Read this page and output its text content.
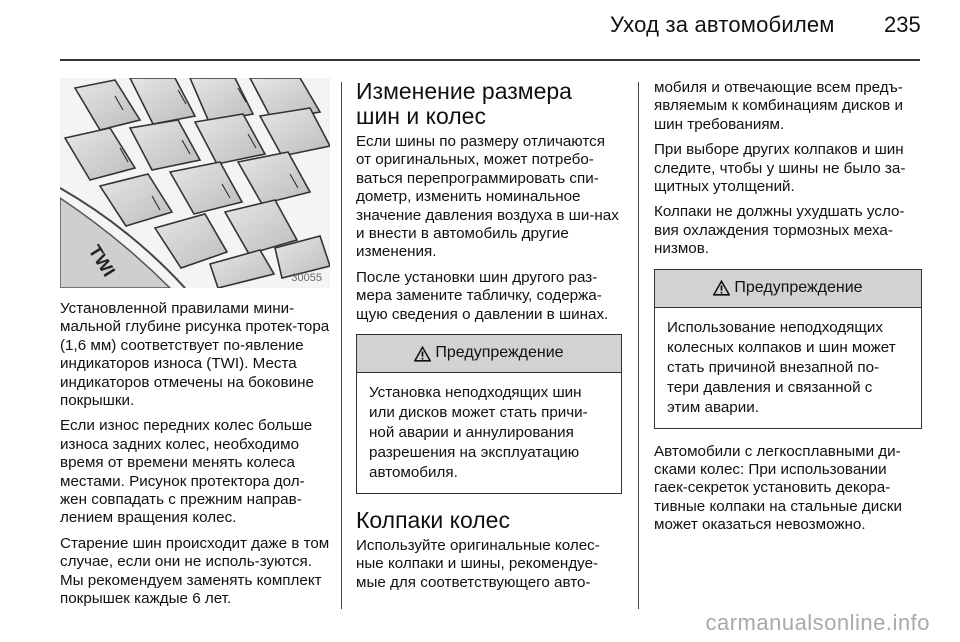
Уход за автомобилем 235
TWI	30055

Установленной правилами мини-мальной глубине рисунка протек-тора (1,6 мм) соответствует по-явление индикаторов износа (TWI). Места индикаторов отмечены на боковине покрышки.

Если износ передних колес больше износа задних колес, необходимо время от времени менять колеса местами. Рисунок протектора дол-жен совпадать с прежним направ-лением вращения колес.

Старение шин происходит даже в том случае, если они не исполь-зуются. Мы рекомендуем заменять комплект покрышек каждые 6 лет.

Изменение размера шин и колес

Если шины по размеру отличаются от оригинальных, может потребо-ваться перепрограммировать спи-дометр, изменить номинальное значение давления воздуха в ши-нах и внести в автомобиль другие изменения.

После установки шин другого раз-мера замените табличку, содержа-щую сведения о давлении в шинах.

Предупреждение
Установка неподходящих шин или дисков может стать причи-ной аварии и аннулирования разрешения на эксплуатацию автомобиля.
Колпаки колес

Используйте оригинальные колес-ные колпаки и шины, рекомендуе-мые для соответствующего авто-

мобиля и отвечающие всем предъ-являемым к комбинациям дисков и шин требованиям.

При выборе других колпаков и шин следите, чтобы у шины не было за-щитных утолщений.

Колпаки не должны ухудшать усло-вия охлаждения тормозных меха-низмов.

Предупреждение
Использование неподходящих колесных колпаков и шин может стать причиной внезапной по-тери давления и связанной с этим аварии.

Автомобили с легкосплавными ди-сками колес: При использовании гаек-секреток установить декора-тивные колпаки на стальные диски может оказаться невозможно.

carmanualsonline.info
